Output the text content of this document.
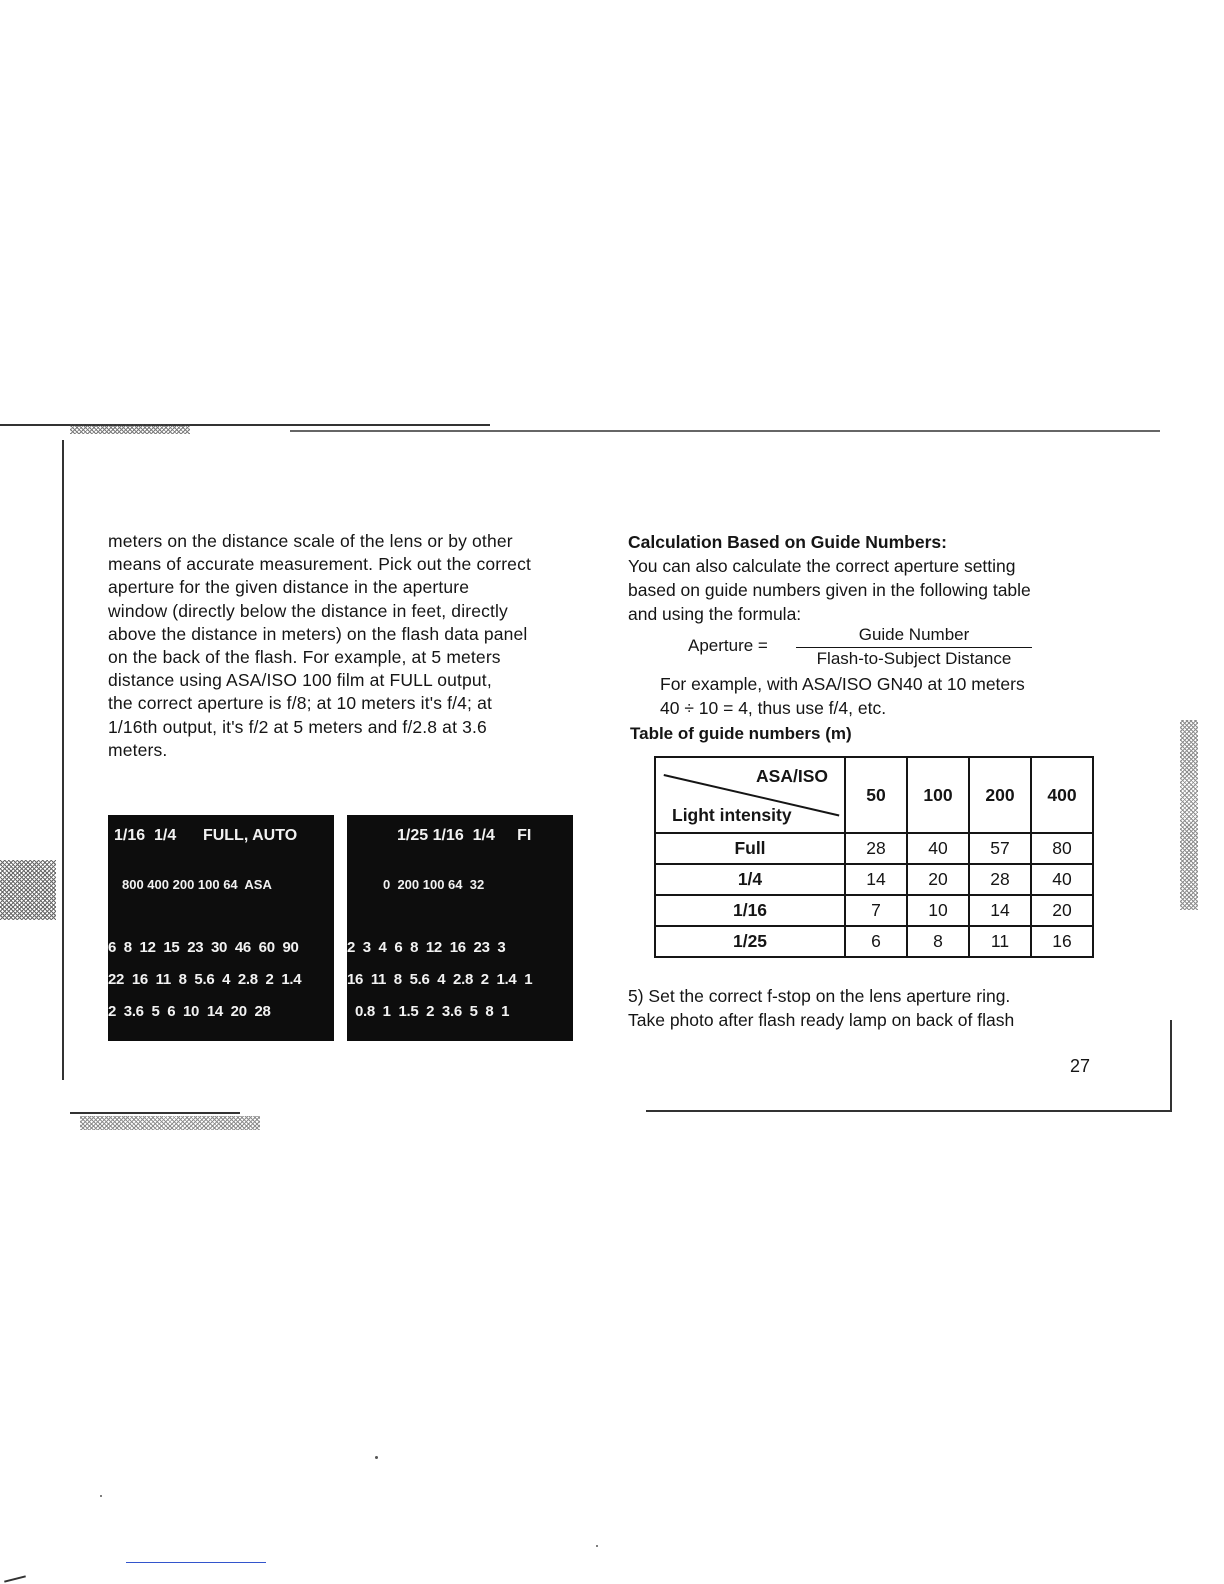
meters on the distance scale of the lens or by other

means of accurate measurement. Pick out the correct

aperture for the given distance in the aperture

window (directly below the distance in feet, directly

above the distance in meters) on the flash data panel

on the back of the flash. For example, at 5 meters

distance using ASA/ISO 100 film at FULL output,

the correct aperture is f/8; at 10 meters it's f/4; at

1/16th output, it's f/2 at 5 meters and f/2.8 at 3.6

meters.

1/16  1/4      FULL, AUTO
800 400 200 100 64  ASA
6  8  12  15  23  30  46  60  90
22  16  11  8  5.6  4  2.8  2  1.4
2  3.6  5  6  10  14  20  28
1/25 1/16  1/4     FI
0  200 100 64  32
2  3  4  6  8  12  16  23  3
16  11  8  5.6  4  2.8  2  1.4  1
0.8  1  1.5  2  3.6  5  8  1

Calculation Based on Guide Numbers:

You can also calculate the correct aperture setting

based on guide numbers given in the following table

and using the formula:

Aperture =
Guide Number
Flash-to-Subject Distance
For example, with ASA/ISO GN40 at 10 meters
40 ÷ 10 = 4, thus use f/4, etc.
Table of guide numbers (m)
ASA/ISO
Light intensity	50	100	200	400
Full	28	40	57	80
1/4	14	20	28	40
1/16	7	10	14	20
1/25	6	8	11	16
5) Set the correct f-stop on the lens aperture ring.
Take photo after flash ready lamp on back of flash
27
